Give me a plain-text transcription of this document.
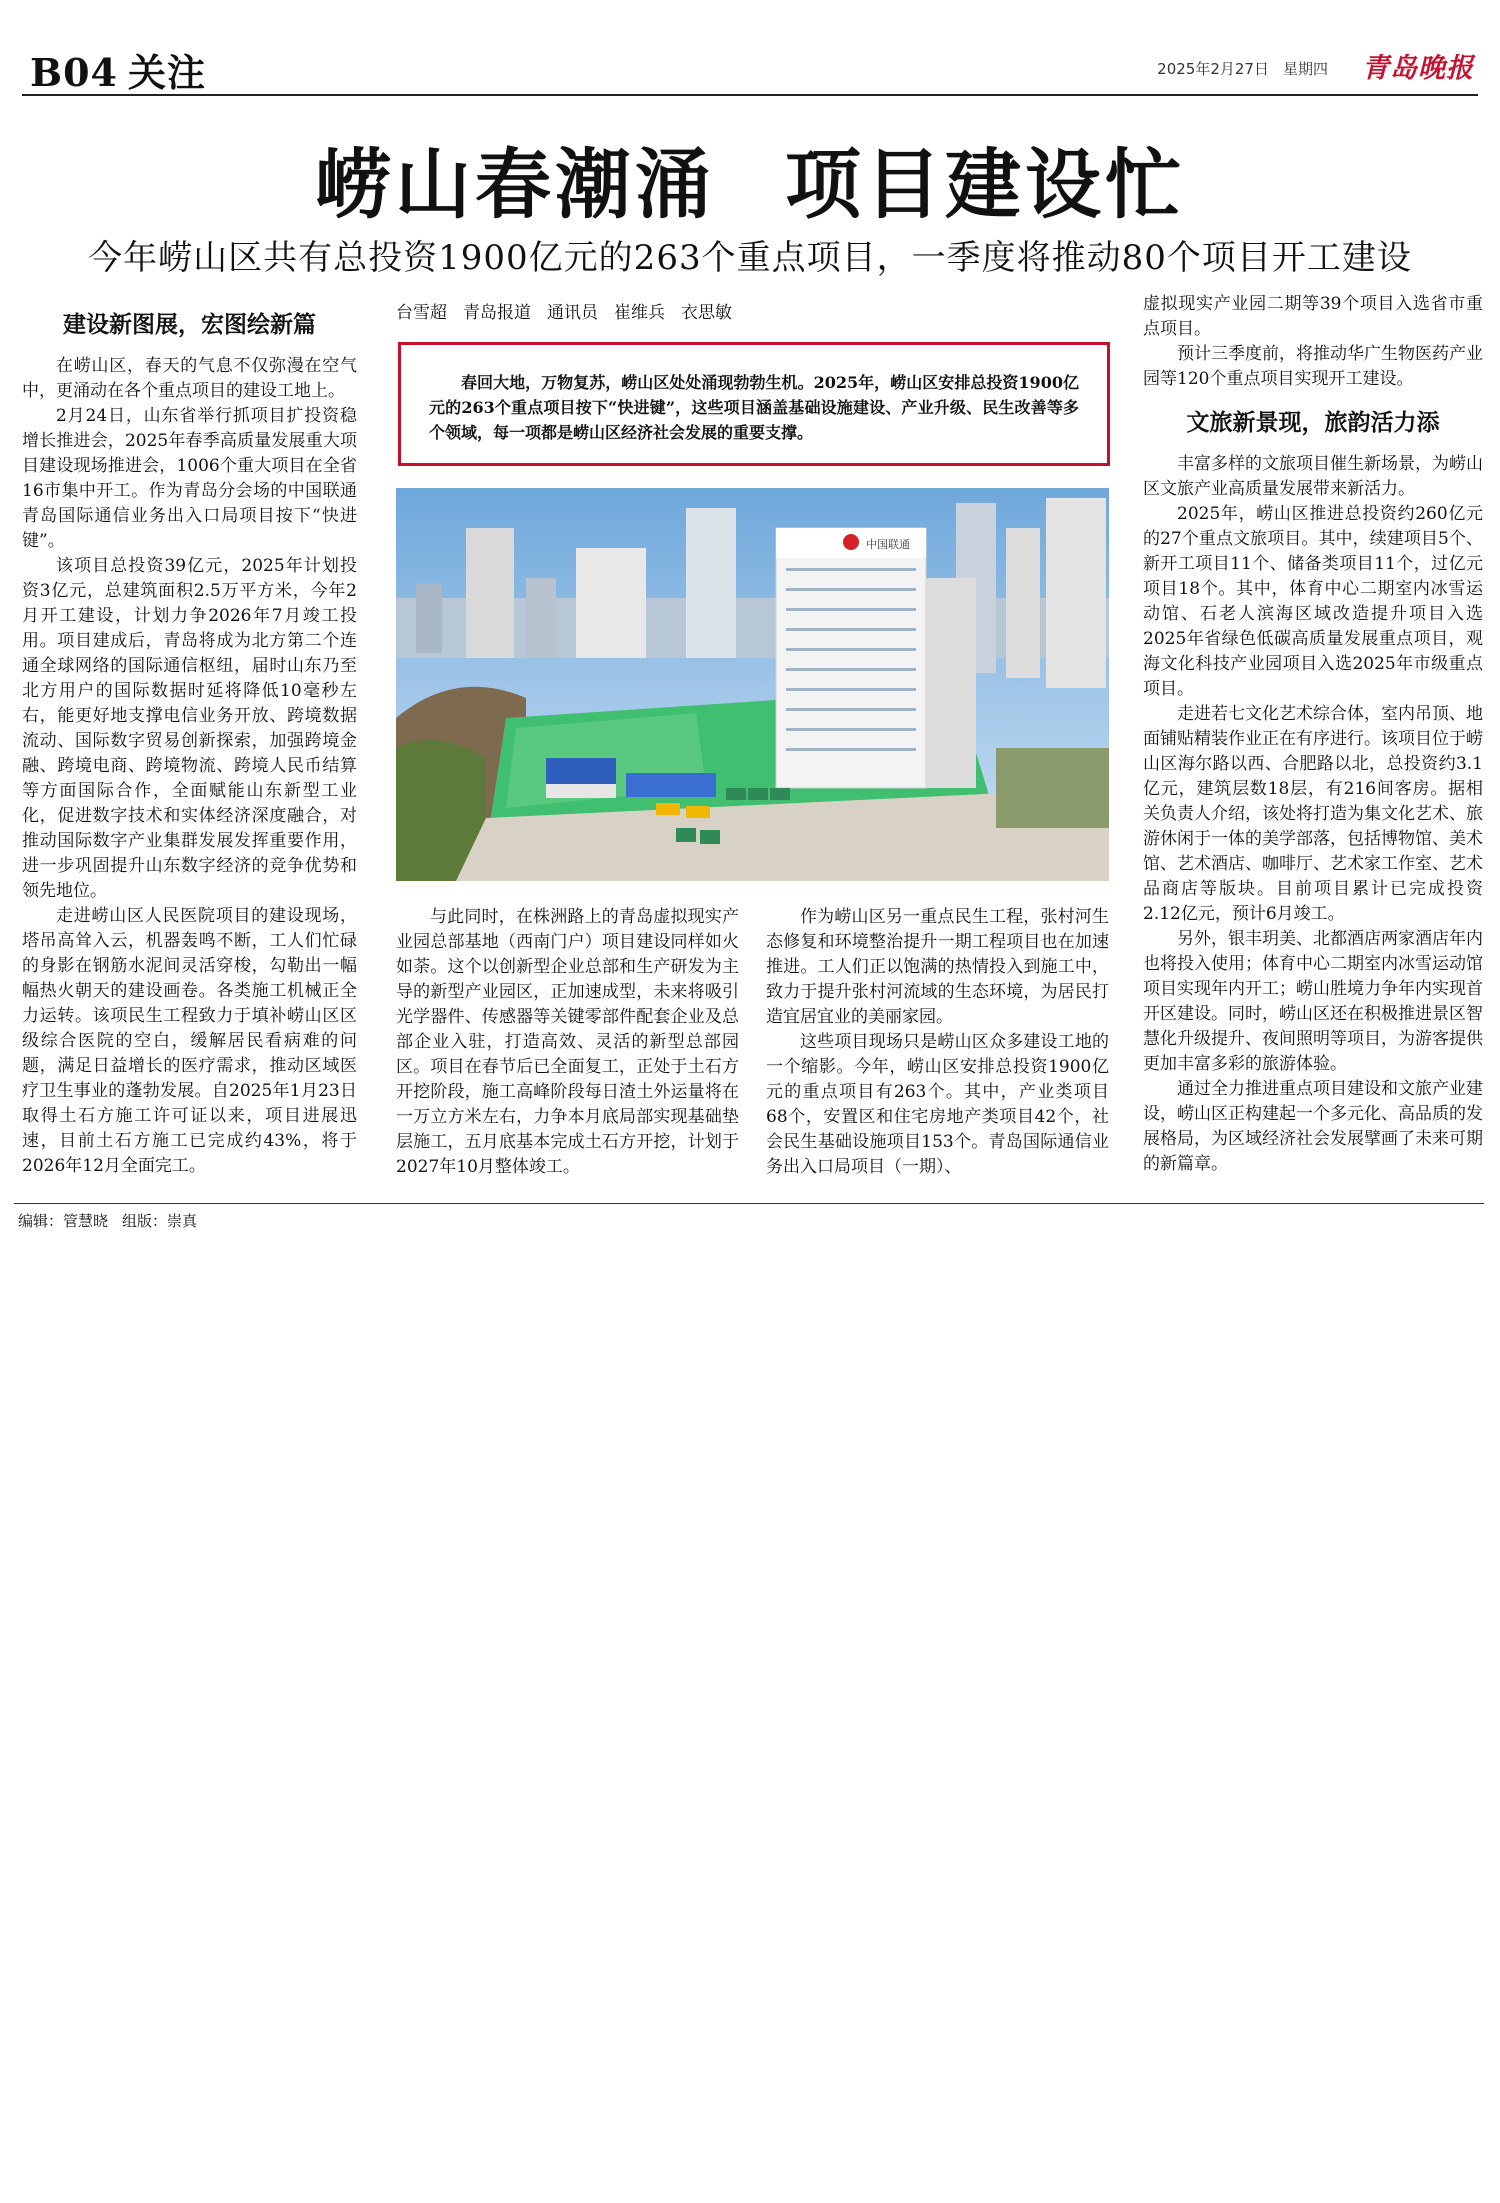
B04 关注	2025年2月27日 星期四 青岛晚报
崂山春潮涌 项目建设忙
今年崂山区共有总投资1900亿元的263个重点项目，一季度将推动80个项目开工建设
建设新图展，宏图绘新篇

在崂山区，春天的气息不仅弥漫在空气中，更涌动在各个重点项目的建设工地上。

2月24日，山东省举行抓项目扩投资稳增长推进会，2025年春季高质量发展重大项目建设现场推进会，1006个重大项目在全省16市集中开工。作为青岛分会场的中国联通青岛国际通信业务出入口局项目按下“快进键”。

该项目总投资39亿元，2025年计划投资3亿元，总建筑面积2.5万平方米，今年2月开工建设，计划力争2026年7月竣工投用。项目建成后，青岛将成为北方第二个连通全球网络的国际通信枢纽，届时山东乃至北方用户的国际数据时延将降低10毫秒左右，能更好地支撑电信业务开放、跨境数据流动、国际数字贸易创新探索，加强跨境金融、跨境电商、跨境物流、跨境人民币结算等方面国际合作，全面赋能山东新型工业化，促进数字技术和实体经济深度融合，对推动国际数字产业集群发展发挥重要作用，进一步巩固提升山东数字经济的竞争优势和领先地位。

走进崂山区人民医院项目的建设现场，塔吊高耸入云，机器轰鸣不断，工人们忙碌的身影在钢筋水泥间灵活穿梭，勾勒出一幅幅热火朝天的建设画卷。各类施工机械正全力运转。该项民生工程致力于填补崂山区区级综合医院的空白，缓解居民看病难的问题，满足日益增长的医疗需求，推动区域医疗卫生事业的蓬勃发展。自2025年1月23日取得土石方施工许可证以来，项目进展迅速，目前土石方施工已完成约43%，将于2026年12月全面完工。

台雪超 青岛报道 通讯员 崔维兵 衣思敏

春回大地，万物复苏，崂山区处处涌现勃勃生机。2025年，崂山区安排总投资1900亿元的263个重点项目按下“快进键”，这些项目涵盖基础设施建设、产业升级、民生改善等多个领域，每一项都是崂山区经济社会发展的重要支撑。

中国联通

与此同时，在株洲路上的青岛虚拟现实产业园总部基地（西南门户）项目建设同样如火如荼。这个以创新型企业总部和生产研发为主导的新型产业园区，正加速成型，未来将吸引光学器件、传感器等关键零部件配套企业及总部企业入驻，打造高效、灵活的新型总部园区。项目在春节后已全面复工，正处于土石方开挖阶段，施工高峰阶段每日渣土外运量将在一万立方米左右，力争本月底局部实现基础垫层施工，五月底基本完成土石方开挖，计划于2027年10月整体竣工。

作为崂山区另一重点民生工程，张村河生态修复和环境整治提升一期工程项目也在加速推进。工人们正以饱满的热情投入到施工中，致力于提升张村河流域的生态环境，为居民打造宜居宜业的美丽家园。

这些项目现场只是崂山区众多建设工地的一个缩影。今年，崂山区安排总投资1900亿元的重点项目有263个。其中，产业类项目68个，安置区和住宅房地产类项目42个，社会民生基础设施项目153个。青岛国际通信业务出入口局项目（一期）、

虚拟现实产业园二期等39个项目入选省市重点项目。

预计三季度前，将推动华广生物医药产业园等120个重点项目实现开工建设。

文旅新景现，旅韵活力添

丰富多样的文旅项目催生新场景，为崂山区文旅产业高质量发展带来新活力。

2025年，崂山区推进总投资约260亿元的27个重点文旅项目。其中，续建项目5个、新开工项目11个、储备类项目11个，过亿元项目18个。其中，体育中心二期室内冰雪运动馆、石老人滨海区域改造提升项目入选2025年省绿色低碳高质量发展重点项目，观海文化科技产业园项目入选2025年市级重点项目。

走进若七文化艺术综合体，室内吊顶、地面铺贴精装作业正在有序进行。该项目位于崂山区海尔路以西、合肥路以北，总投资约3.1亿元，建筑层数18层，有216间客房。据相关负责人介绍，该处将打造为集文化艺术、旅游休闲于一体的美学部落，包括博物馆、美术馆、艺术酒店、咖啡厅、艺术家工作室、艺术品商店等版块。目前项目累计已完成投资2.12亿元，预计6月竣工。

另外，银丰玥美、北都酒店两家酒店年内也将投入使用；体育中心二期室内冰雪运动馆项目实现年内开工；崂山胜境力争年内实现首开区建设。同时，崂山区还在积极推进景区智慧化升级提升、夜间照明等项目，为游客提供更加丰富多彩的旅游体验。

通过全力推进重点项目建设和文旅产业建设，崂山区正构建起一个多元化、高品质的发展格局，为区域经济社会发展擘画了未来可期的新篇章。

编辑：管慧晓 组版：崇真
